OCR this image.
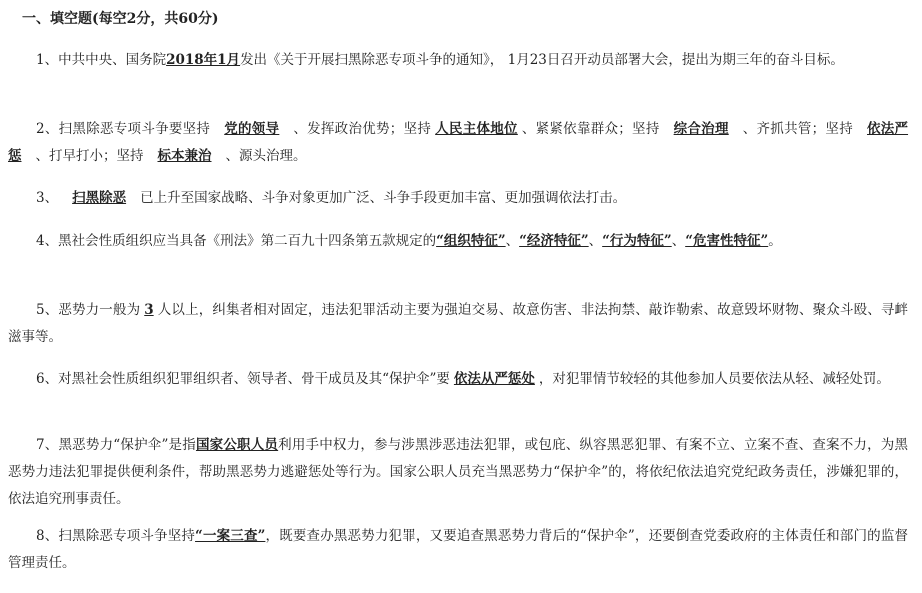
一、填空题(每空2分，共60分)
1、中共中央、国务院2018年1月发出《关于开展扫黑除恶专项斗争的通知》， 1月23日召开动员部署大会，提出为期三年的奋斗目标。
2、扫黑除恶专项斗争要坚持 党的领导 、发挥政治优势；坚持 人民主体地位 、紧紧依靠群众；坚持 综合治理 、齐抓共管；坚持 依法严惩 、打早打小；坚持 标本兼治 、源头治理。
3、 扫黑除恶 已上升至国家战略、斗争对象更加广泛、斗争手段更加丰富、更加强调依法打击。
4、黑社会性质组织应当具备《刑法》第二百九十四条第五款规定的“组织特征”、“经济特征”、“行为特征”、“危害性特征”。
5、恶势力一般为 3 人以上，纠集者相对固定，违法犯罪活动主要为强迫交易、故意伤害、非法拘禁、敲诈勒索、故意毁坏财物、聚众斗殴、寻衅滋事等。
6、对黑社会性质组织犯罪组织者、领导者、骨干成员及其“保护伞”要 依法从严惩处 ，对犯罪情节较轻的其他参加人员要依法从轻、减轻处罚。
7、黑恶势力“保护伞”是指国家公职人员利用手中权力，参与涉黑涉恶违法犯罪，或包庇、纵容黑恶犯罪、有案不立、立案不查、查案不力，为黑恶势力违法犯罪提供便利条件，帮助黑恶势力逃避惩处等行为。国家公职人员充当黑恶势力“保护伞”的，将依纪依法追究党纪政务责任，涉嫌犯罪的，依法追究刑事责任。
8、扫黑除恶专项斗争坚持“一案三查”，既要查办黑恶势力犯罪，又要追查黑恶势力背后的“保护伞”，还要倒查党委政府的主体责任和部门的监督管理责任。
